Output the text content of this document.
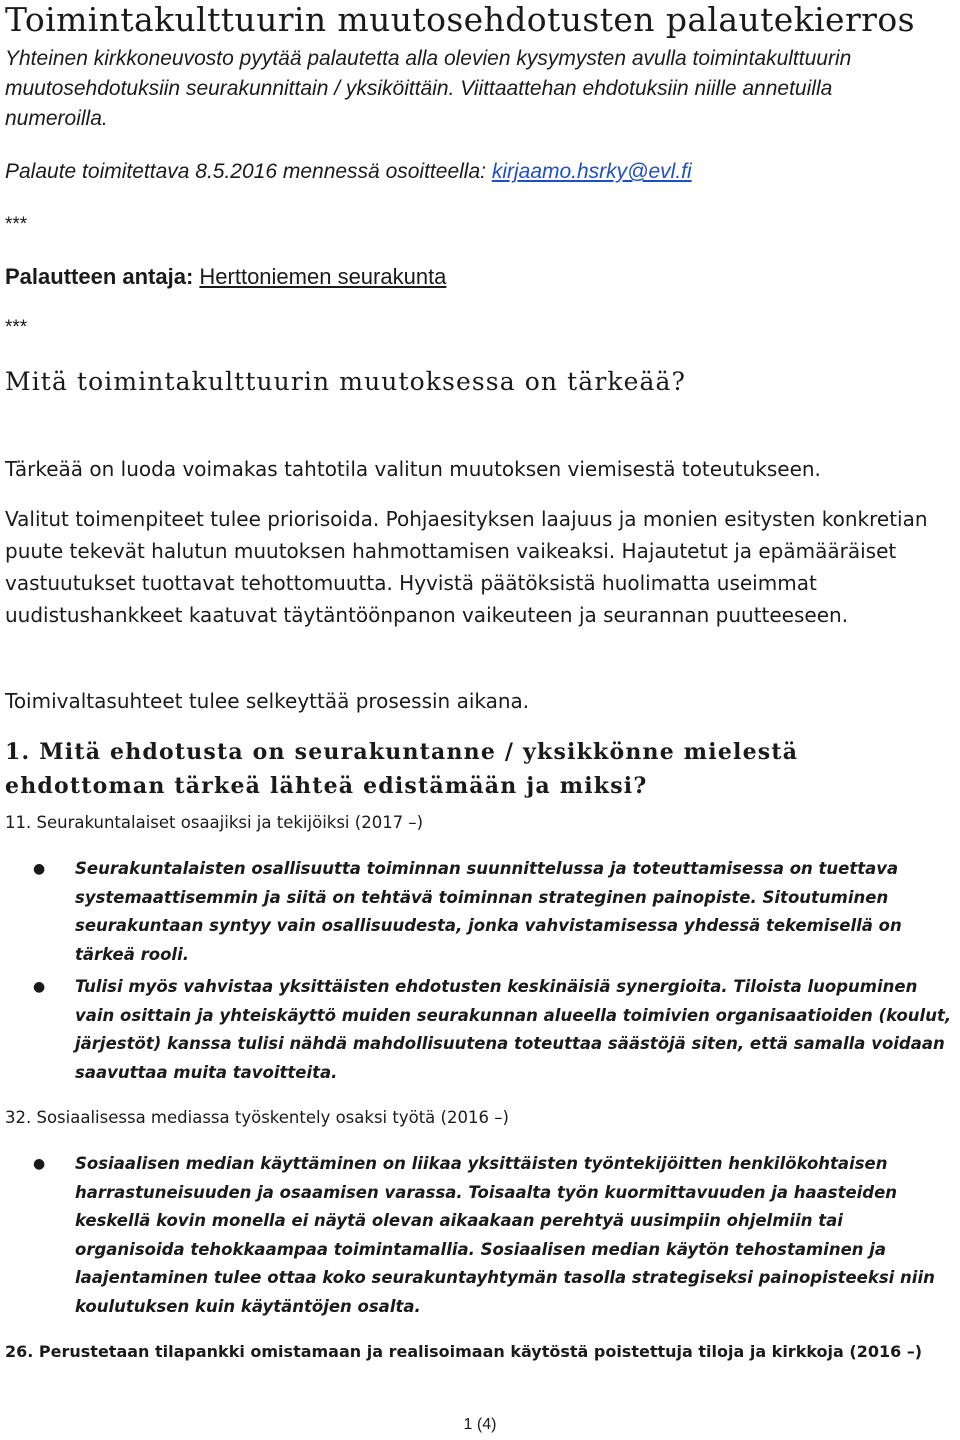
Toimintakulttuurin muutosehdotusten palautekierros
Yhteinen kirkkoneuvosto pyytää palautetta alla olevien kysymysten avulla toimintakulttuurin muutosehdotuksiin seurakunnittain / yksiköittäin. Viittaattehan ehdotuksiin niille annetuilla numeroilla.
Palaute toimitettava 8.5.2016 mennessä osoitteella: kirjaamo.hsrky@evl.fi
***
Palautteen antaja: Herttoniemen seurakunta
***
Mitä toimintakulttuurin muutoksessa on tärkeää?
Tärkeää on luoda voimakas tahtotila valitun muutoksen viemisestä toteutukseen.
Valitut toimenpiteet tulee priorisoida. Pohjaesityksen laajuus ja monien esitysten konkretian puute tekevät halutun muutoksen hahmottamisen vaikeaksi. Hajautetut ja epämääräiset vastuutukset tuottavat tehottomuutta. Hyvistä päätöksistä huolimatta useimmat uudistushankkeet kaatuvat täytäntöönpanon vaikeuteen ja seurannan puutteeseen.
Toimivaltasuhteet tulee selkeyttää prosessin aikana.
1. Mitä ehdotusta on seurakuntanne / yksikkönne mielestä ehdottoman tärkeä lähteä edistämään ja miksi?
11. Seurakuntalaiset osaajiksi ja tekijöiksi (2017 –)
● Seurakuntalaisten osallisuutta toiminnan suunnittelussa ja toteuttamisessa on tuettava systemaattisemmin ja siitä on tehtävä toiminnan strateginen painopiste. Sitoutuminen seurakuntaan syntyy vain osallisuudesta, jonka vahvistamisessa yhdessä tekemisellä on tärkeä rooli.
● Tulisi myös vahvistaa yksittäisten ehdotusten keskinäisiä synergioita. Tiloista luopuminen vain osittain ja yhteiskäyttö muiden seurakunnan alueella toimivien organisaatioiden (koulut, järjestöt) kanssa tulisi nähdä mahdollisuutena toteuttaa säästöjä siten, että samalla voidaan saavuttaa muita tavoitteita.
32. Sosiaalisessa mediassa työskentely osaksi työtä (2016 –)
● Sosiaalisen median käyttäminen on liikaa yksittäisten työntekijöitten henkilökohtaisen harrastuneisuuden ja osaamisen varassa. Toisaalta työn kuormittavuuden ja haasteiden keskellä kovin monella ei näytä olevan aikaakaan perehtyä uusimpiin ohjelmiin tai organisoida tehokkaampaa toimintamallia. Sosiaalisen median käytön tehostaminen ja laajentaminen tulee ottaa koko seurakuntayhtymän tasolla strategiseksi painopisteeksi niin koulutuksen kuin käytäntöjen osalta.
26. Perustetaan tilapankki omistamaan ja realisoimaan käytöstä poistettuja tiloja ja kirkkoja (2016 –)
1 (4)
